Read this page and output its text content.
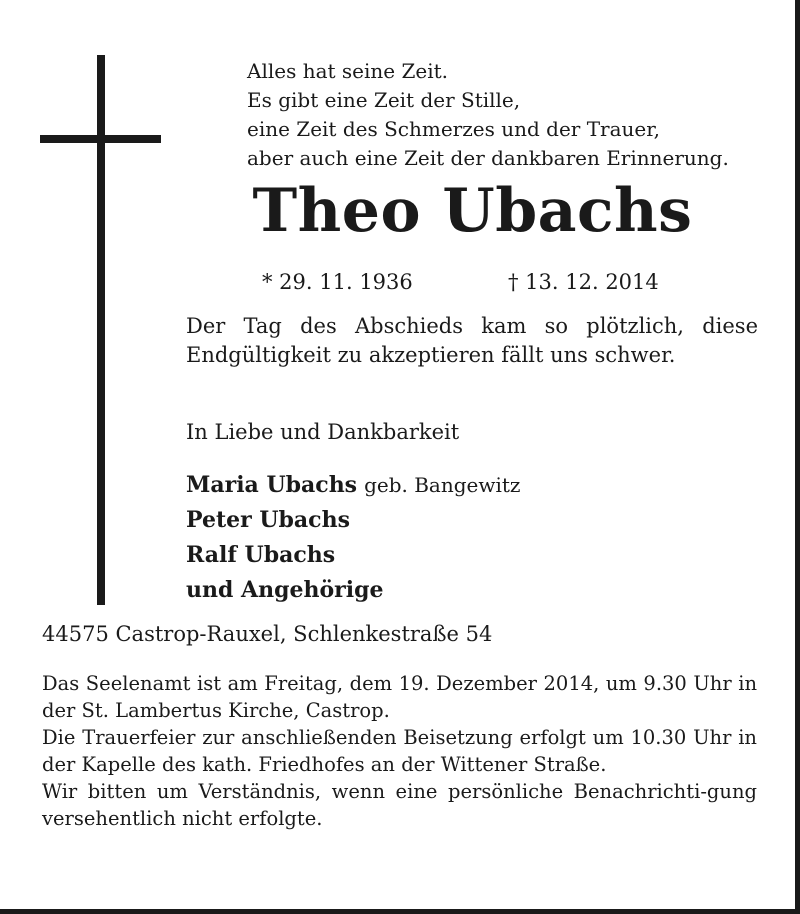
Alles hat seine Zeit.
Es gibt eine Zeit der Stille,
eine Zeit des Schmerzes und der Trauer,
aber auch eine Zeit der dankbaren Erinnerung.
Theo Ubachs
* 29. 11. 1936	† 13. 12. 2014
Der Tag des Abschieds kam so plötzlich, diese Endgültigkeit zu akzeptieren fällt uns schwer.
In Liebe und Dankbarkeit
Maria Ubachs geb. Bangewitz
Peter Ubachs
Ralf Ubachs
und Angehörige
44575 Castrop-Rauxel, Schlenkestraße 54

Das Seelenamt ist am Freitag, dem 19. Dezember 2014, um 9.30 Uhr in der St. Lambertus Kirche, Castrop.

Die Trauerfeier zur anschließenden Beisetzung erfolgt um 10.30 Uhr in der Kapelle des kath. Friedhofes an der Wittener Straße.

Wir bitten um Verständnis, wenn eine persönliche Benachrichti-gung versehentlich nicht erfolgte.
